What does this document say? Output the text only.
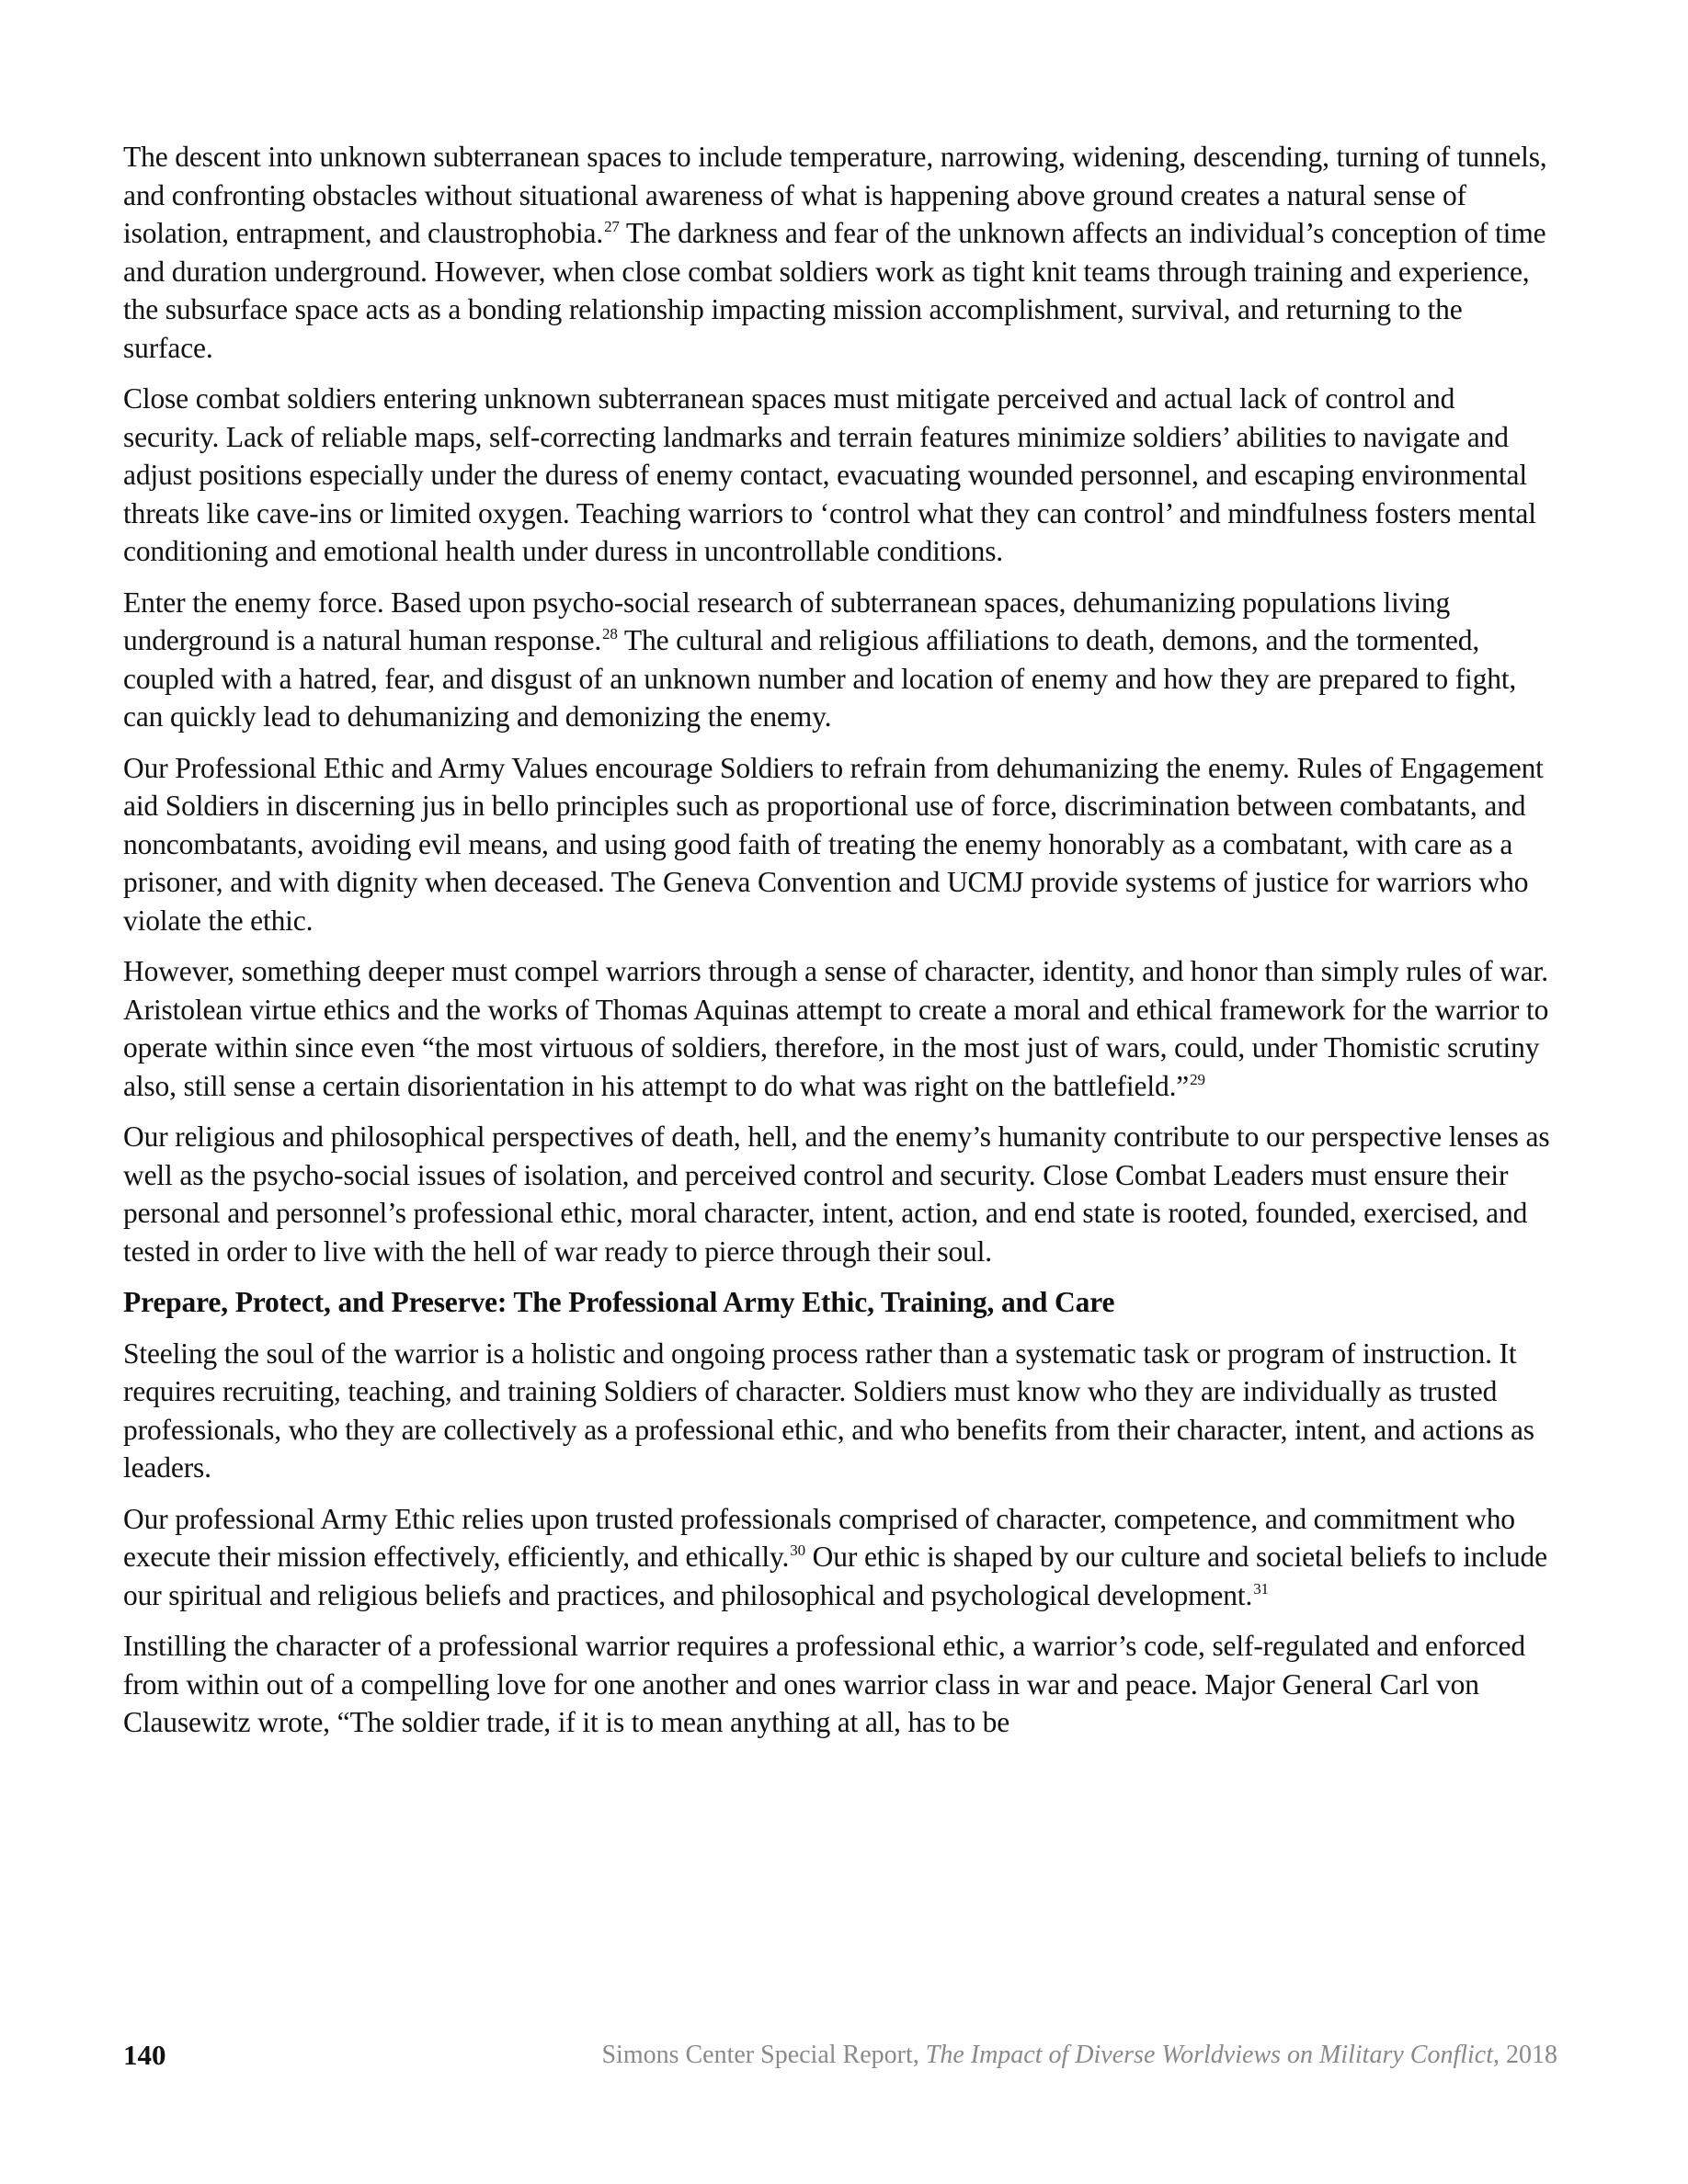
The descent into unknown subterranean spaces to include temperature, narrowing, widening, descending, turning of tunnels, and confronting obstacles without situational awareness of what is happening above ground creates a natural sense of isolation, entrapment, and claustrophobia.$^{27}$ The darkness and fear of the unknown affects an individual’s conception of time and duration underground. However, when close combat soldiers work as tight knit teams through training and experience, the subsurface space acts as a bonding relationship impacting mission accomplishment, survival, and returning to the surface.

Close combat soldiers entering unknown subterranean spaces must mitigate perceived and actual lack of control and security. Lack of reliable maps, self-correcting landmarks and terrain features minimize soldiers’ abilities to navigate and adjust positions especially under the duress of enemy contact, evacuating wounded personnel, and escaping environmental threats like cave-ins or limited oxygen. Teaching warriors to ‘control what they can control’ and mindfulness fosters mental conditioning and emotional health under duress in uncontrollable conditions.

Enter the enemy force. Based upon psycho-social research of subterranean spaces, dehumanizing populations living underground is a natural human response.$^{28}$ The cultural and religious affiliations to death, demons, and the tormented, coupled with a hatred, fear, and disgust of an unknown number and location of enemy and how they are prepared to fight, can quickly lead to dehumanizing and demonizing the enemy.

Our Professional Ethic and Army Values encourage Soldiers to refrain from dehumanizing the enemy. Rules of Engagement aid Soldiers in discerning jus in bello principles such as proportional use of force, discrimination between combatants, and noncombatants, avoiding evil means, and using good faith of treating the enemy honorably as a combatant, with care as a prisoner, and with dignity when deceased. The Geneva Convention and UCMJ provide systems of justice for warriors who violate the ethic.

However, something deeper must compel warriors through a sense of character, identity, and honor than simply rules of war. Aristolean virtue ethics and the works of Thomas Aquinas attempt to create a moral and ethical framework for the warrior to operate within since even “the most virtuous of soldiers, therefore, in the most just of wars, could, under Thomistic scrutiny also, still sense a certain disorientation in his attempt to do what was right on the battlefield.”$^{29}$

Our religious and philosophical perspectives of death, hell, and the enemy’s humanity contribute to our perspective lenses as well as the psycho-social issues of isolation, and perceived control and security. Close Combat Leaders must ensure their personal and personnel’s professional ethic, moral character, intent, action, and end state is rooted, founded, exercised, and tested in order to live with the hell of war ready to pierce through their soul.

Prepare, Protect, and Preserve: The Professional Army Ethic, Training, and Care

Steeling the soul of the warrior is a holistic and ongoing process rather than a systematic task or program of instruction. It requires recruiting, teaching, and training Soldiers of character. Soldiers must know who they are individually as trusted professionals, who they are collectively as a professional ethic, and who benefits from their character, intent, and actions as leaders.

Our professional Army Ethic relies upon trusted professionals comprised of character, competence, and commitment who execute their mission effectively, efficiently, and ethically.$^{30}$ Our ethic is shaped by our culture and societal beliefs to include our spiritual and religious beliefs and practices, and philosophical and psychological development.$^{31}$

Instilling the character of a professional warrior requires a professional ethic, a warrior’s code, self-regulated and enforced from within out of a compelling love for one another and ones warrior class in war and peace. Major General Carl von Clausewitz wrote, “The soldier trade, if it is to mean anything at all, has to be

140	Simons Center Special Report, The Impact of Diverse Worldviews on Military Conflict, 2018
